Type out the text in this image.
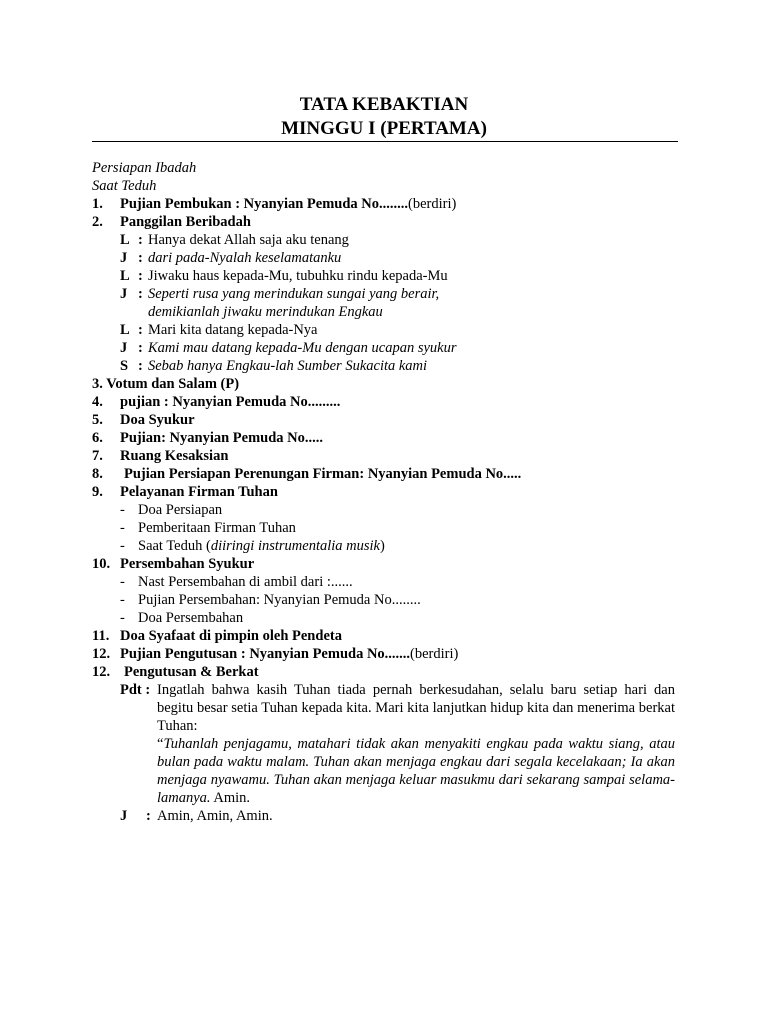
TATA KEBAKTIAN
MINGGU I (PERTAMA)
Persiapan Ibadah
Saat Teduh
1. Pujian Pembukan : Nyanyian Pemuda No........(berdiri)
2. Panggilan Beribadah
L : Hanya dekat Allah saja aku tenang
J : dari pada-Nyalah keselamatanku
L : Jiwaku haus kepada-Mu, tubuhku rindu kepada-Mu
J : Seperti rusa yang merindukan sungai yang berair,
demikianlah jiwaku merindukan Engkau
L : Mari kita datang kepada-Nya
J : Kami mau datang kepada-Mu dengan ucapan syukur
S : Sebab hanya Engkau-lah Sumber Sukacita kami
3. Votum dan Salam (P)
4. pujian : Nyanyian Pemuda No.........
5. Doa Syukur
6. Pujian: Nyanyian Pemuda No.....
7. Ruang Kesaksian
8. Pujian Persiapan Perenungan Firman: Nyanyian Pemuda No.....
9. Pelayanan Firman Tuhan
- Doa Persiapan
- Pemberitaan Firman Tuhan
- Saat Teduh (diiringi instrumentalia musik)
10. Persembahan Syukur
- Nast Persembahan di ambil dari :......
- Pujian Persembahan: Nyanyian Pemuda No........
- Doa Persembahan
11. Doa Syafaat di pimpin oleh Pendeta
12. Pujian Pengutusan : Nyanyian Pemuda No.......(berdiri)
12. Pengutusan & Berkat
Pdt : Ingatlah bahwa kasih Tuhan tiada pernah berkesudahan, selalu baru setiap hari dan begitu besar setia Tuhan kepada kita. Mari kita lanjutkan hidup kita dan menerima berkat Tuhan:
“Tuhanlah penjagamu, matahari tidak akan menyakiti engkau pada waktu siang, atau bulan pada waktu malam. Tuhan akan menjaga engkau dari segala kecelakaan; Ia akan menjaga nyawamu. Tuhan akan menjaga keluar masukmu dari sekarang sampai selama-lamanya. Amin.
J : Amin, Amin, Amin.
